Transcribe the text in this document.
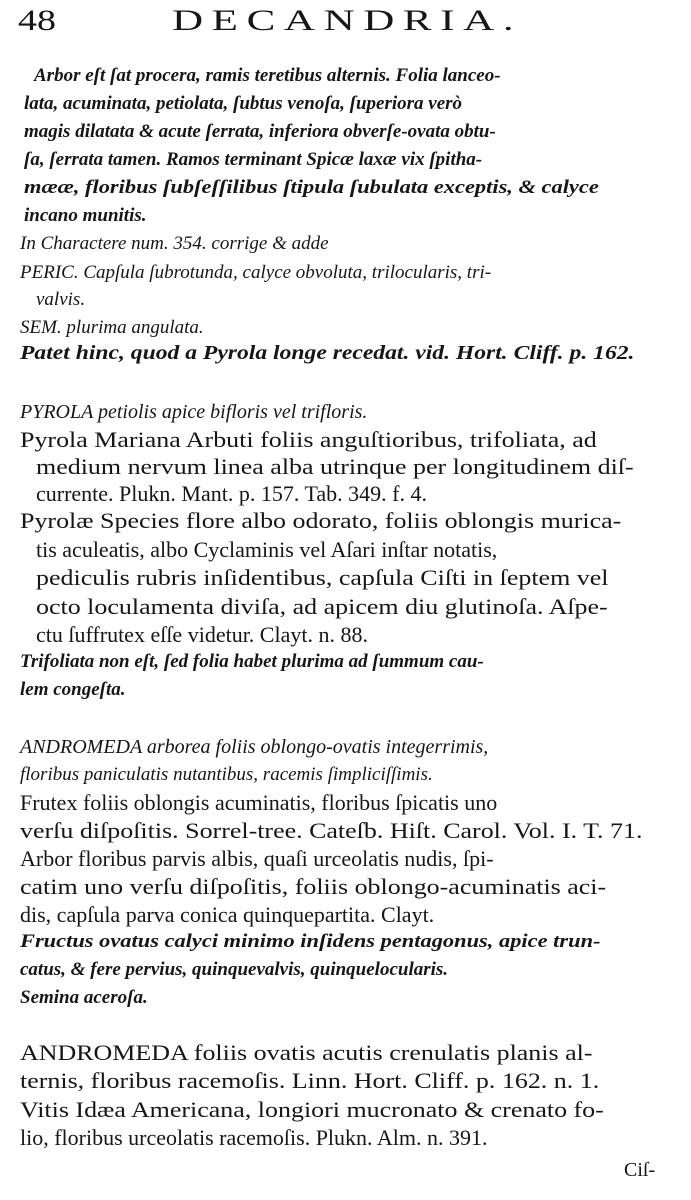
48	DECANDRIA.
Arbor eſt ſat procera, ramis teretibus alternis. Folia lanceo-
lata, acuminata, petiolata, ſubtus venoſa, ſuperiora verò
magis dilatata & acute ſerrata, inferiora obverſe-ovata obtu-
ſa, ſerrata tamen. Ramos terminant Spicæ laxæ vix ſpitha-
mææ, floribus ſubſeſſilibus ſtipula ſubulata exceptis, & calyce
incano munitis.
In Charactere num. 354. corrige & adde
PERIC. Capſula ſubrotunda, calyce obvoluta, trilocularis, tri-
valvis.
SEM. plurima angulata.
Patet hinc, quod a Pyrola longe recedat. vid. Hort. Cliff. p. 162.
PYROLA petiolis apice bifloris vel trifloris.
Pyrola Mariana Arbuti foliis anguſtioribus, trifoliata, ad
medium nervum linea alba utrinque per longitudinem diſ-
currente. Plukn. Mant. p. 157. Tab. 349. f. 4.
Pyrolæ Species flore albo odorato, foliis oblongis murica-
tis aculeatis, albo Cyclaminis vel Aſari inſtar notatis,
pediculis rubris inſidentibus, capſula Ciſti in ſeptem vel
octo loculamenta diviſa, ad apicem diu glutinoſa. Aſpe-
ctu ſuffrutex eſſe videtur. Clayt. n. 88.
Trifoliata non eſt, ſed folia habet plurima ad ſummum cau-
lem congeſta.
ANDROMEDA arborea foliis oblongo-ovatis integerrimis,
floribus paniculatis nutantibus, racemis ſimpliciſſimis.
Frutex foliis oblongis acuminatis, floribus ſpicatis uno
verſu diſpoſitis. Sorrel-tree. Cateſb. Hiſt. Carol. Vol. I. T. 71.
Arbor floribus parvis albis, quaſi urceolatis nudis, ſpi-
catim uno verſu diſpoſitis, foliis oblongo-acuminatis aci-
dis, capſula parva conica quinquepartita. Clayt.
Fructus ovatus calyci minimo inſidens pentagonus, apice trun-
catus, & fere pervius, quinquevalvis, quinquelocularis.
Semina aceroſa.
ANDROMEDA foliis ovatis acutis crenulatis planis al-
ternis, floribus racemoſis. Linn. Hort. Cliff. p. 162. n. 1.
Vitis Idæa Americana, longiori mucronato & crenato fo-
lio, floribus urceolatis racemoſis. Plukn. Alm. n. 391.
Ciſ-
